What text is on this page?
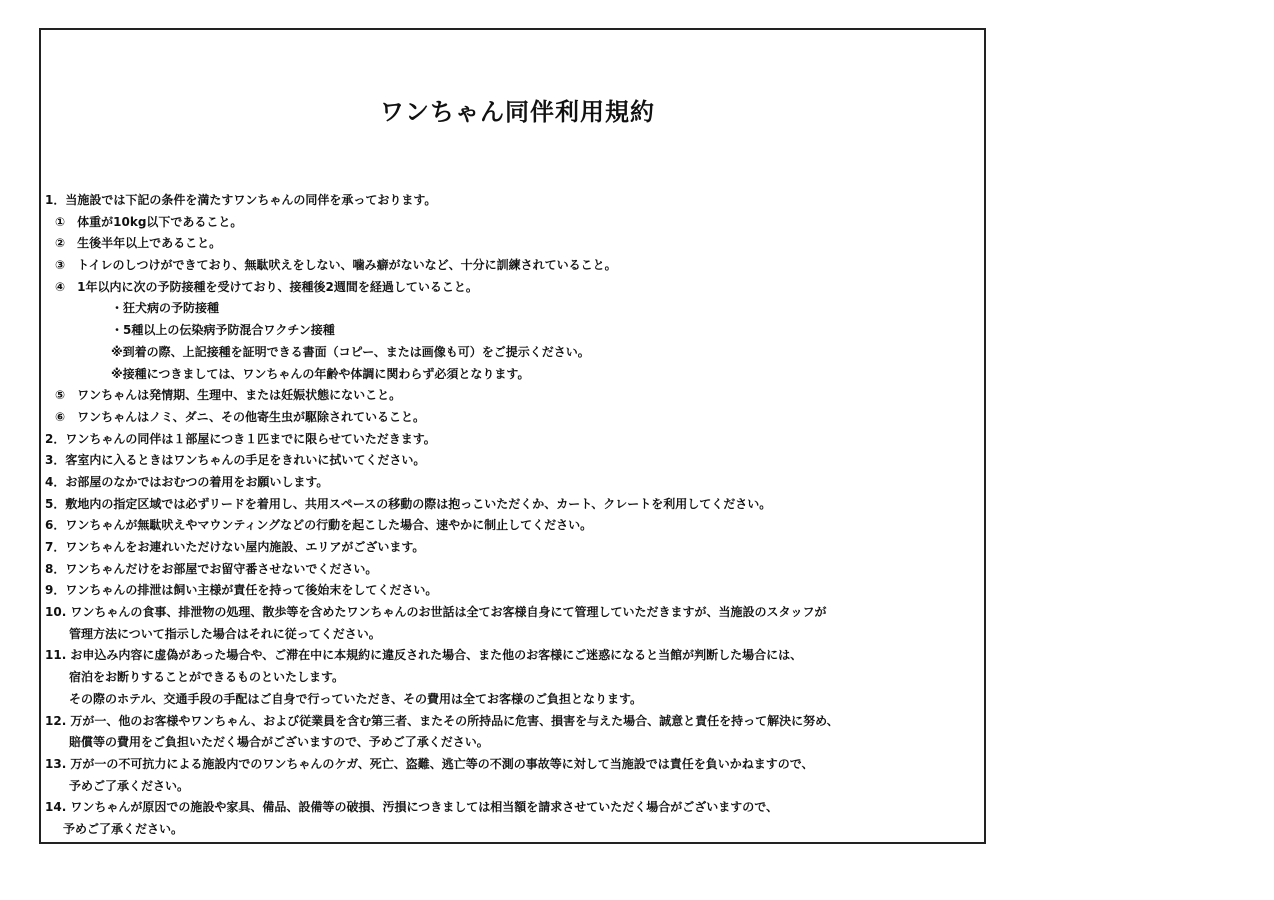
ワンちゃん同伴利用規約
1．当施設では下記の条件を満たすワンちゃんの同伴を承っております。
①　体重が10kg以下であること。
②　生後半年以上であること。
③　トイレのしつけができており、無駄吠えをしない、噛み癖がないなど、十分に訓練されていること。
④　1年以内に次の予防接種を受けており、接種後2週間を経過していること。
・狂犬病の予防接種
・5種以上の伝染病予防混合ワクチン接種
※到着の際、上記接種を証明できる書面（コピー、または画像も可）をご提示ください。
※接種につきましては、ワンちゃんの年齢や体調に関わらず必須となります。
⑤　ワンちゃんは発情期、生理中、または妊娠状態にないこと。
⑥　ワンちゃんはノミ、ダニ、その他寄生虫が駆除されていること。
2．ワンちゃんの同伴は１部屋につき１匹までに限らせていただきます。
3．客室内に入るときはワンちゃんの手足をきれいに拭いてください。
4．お部屋のなかではおむつの着用をお願いします。
5．敷地内の指定区域では必ずリードを着用し、共用スペースの移動の際は抱っこいただくか、カート、クレートを利用してください。
6．ワンちゃんが無駄吠えやマウンティングなどの行動を起こした場合、速やかに制止してください。
7．ワンちゃんをお連れいただけない屋内施設、エリアがございます。
8．ワンちゃんだけをお部屋でお留守番させないでください。
9．ワンちゃんの排泄は飼い主様が責任を持って後始末をしてください。
10. ワンちゃんの食事、排泄物の処理、散歩等を含めたワンちゃんのお世話は全てお客様自身にて管理していただきますが、当施設のスタッフが
管理方法について指示した場合はそれに従ってください。
11. お申込み内容に虚偽があった場合や、ご滞在中に本規約に違反された場合、また他のお客様にご迷惑になると当館が判断した場合には、
宿泊をお断りすることができるものといたします。
その際のホテル、交通手段の手配はご自身で行っていただき、その費用は全てお客様のご負担となります。
12. 万が一、他のお客様やワンちゃん、および従業員を含む第三者、またその所持品に危害、損害を与えた場合、誠意と責任を持って解決に努め、
賠償等の費用をご負担いただく場合がございますので、予めご了承ください。
13. 万が一の不可抗力による施設内でのワンちゃんのケガ、死亡、盗難、逃亡等の不測の事故等に対して当施設では責任を負いかねますので、
予めご了承ください。
14. ワンちゃんが原因での施設や家具、備品、設備等の破損、汚損につきましては相当額を請求させていただく場合がございますので、
予めご了承ください。
